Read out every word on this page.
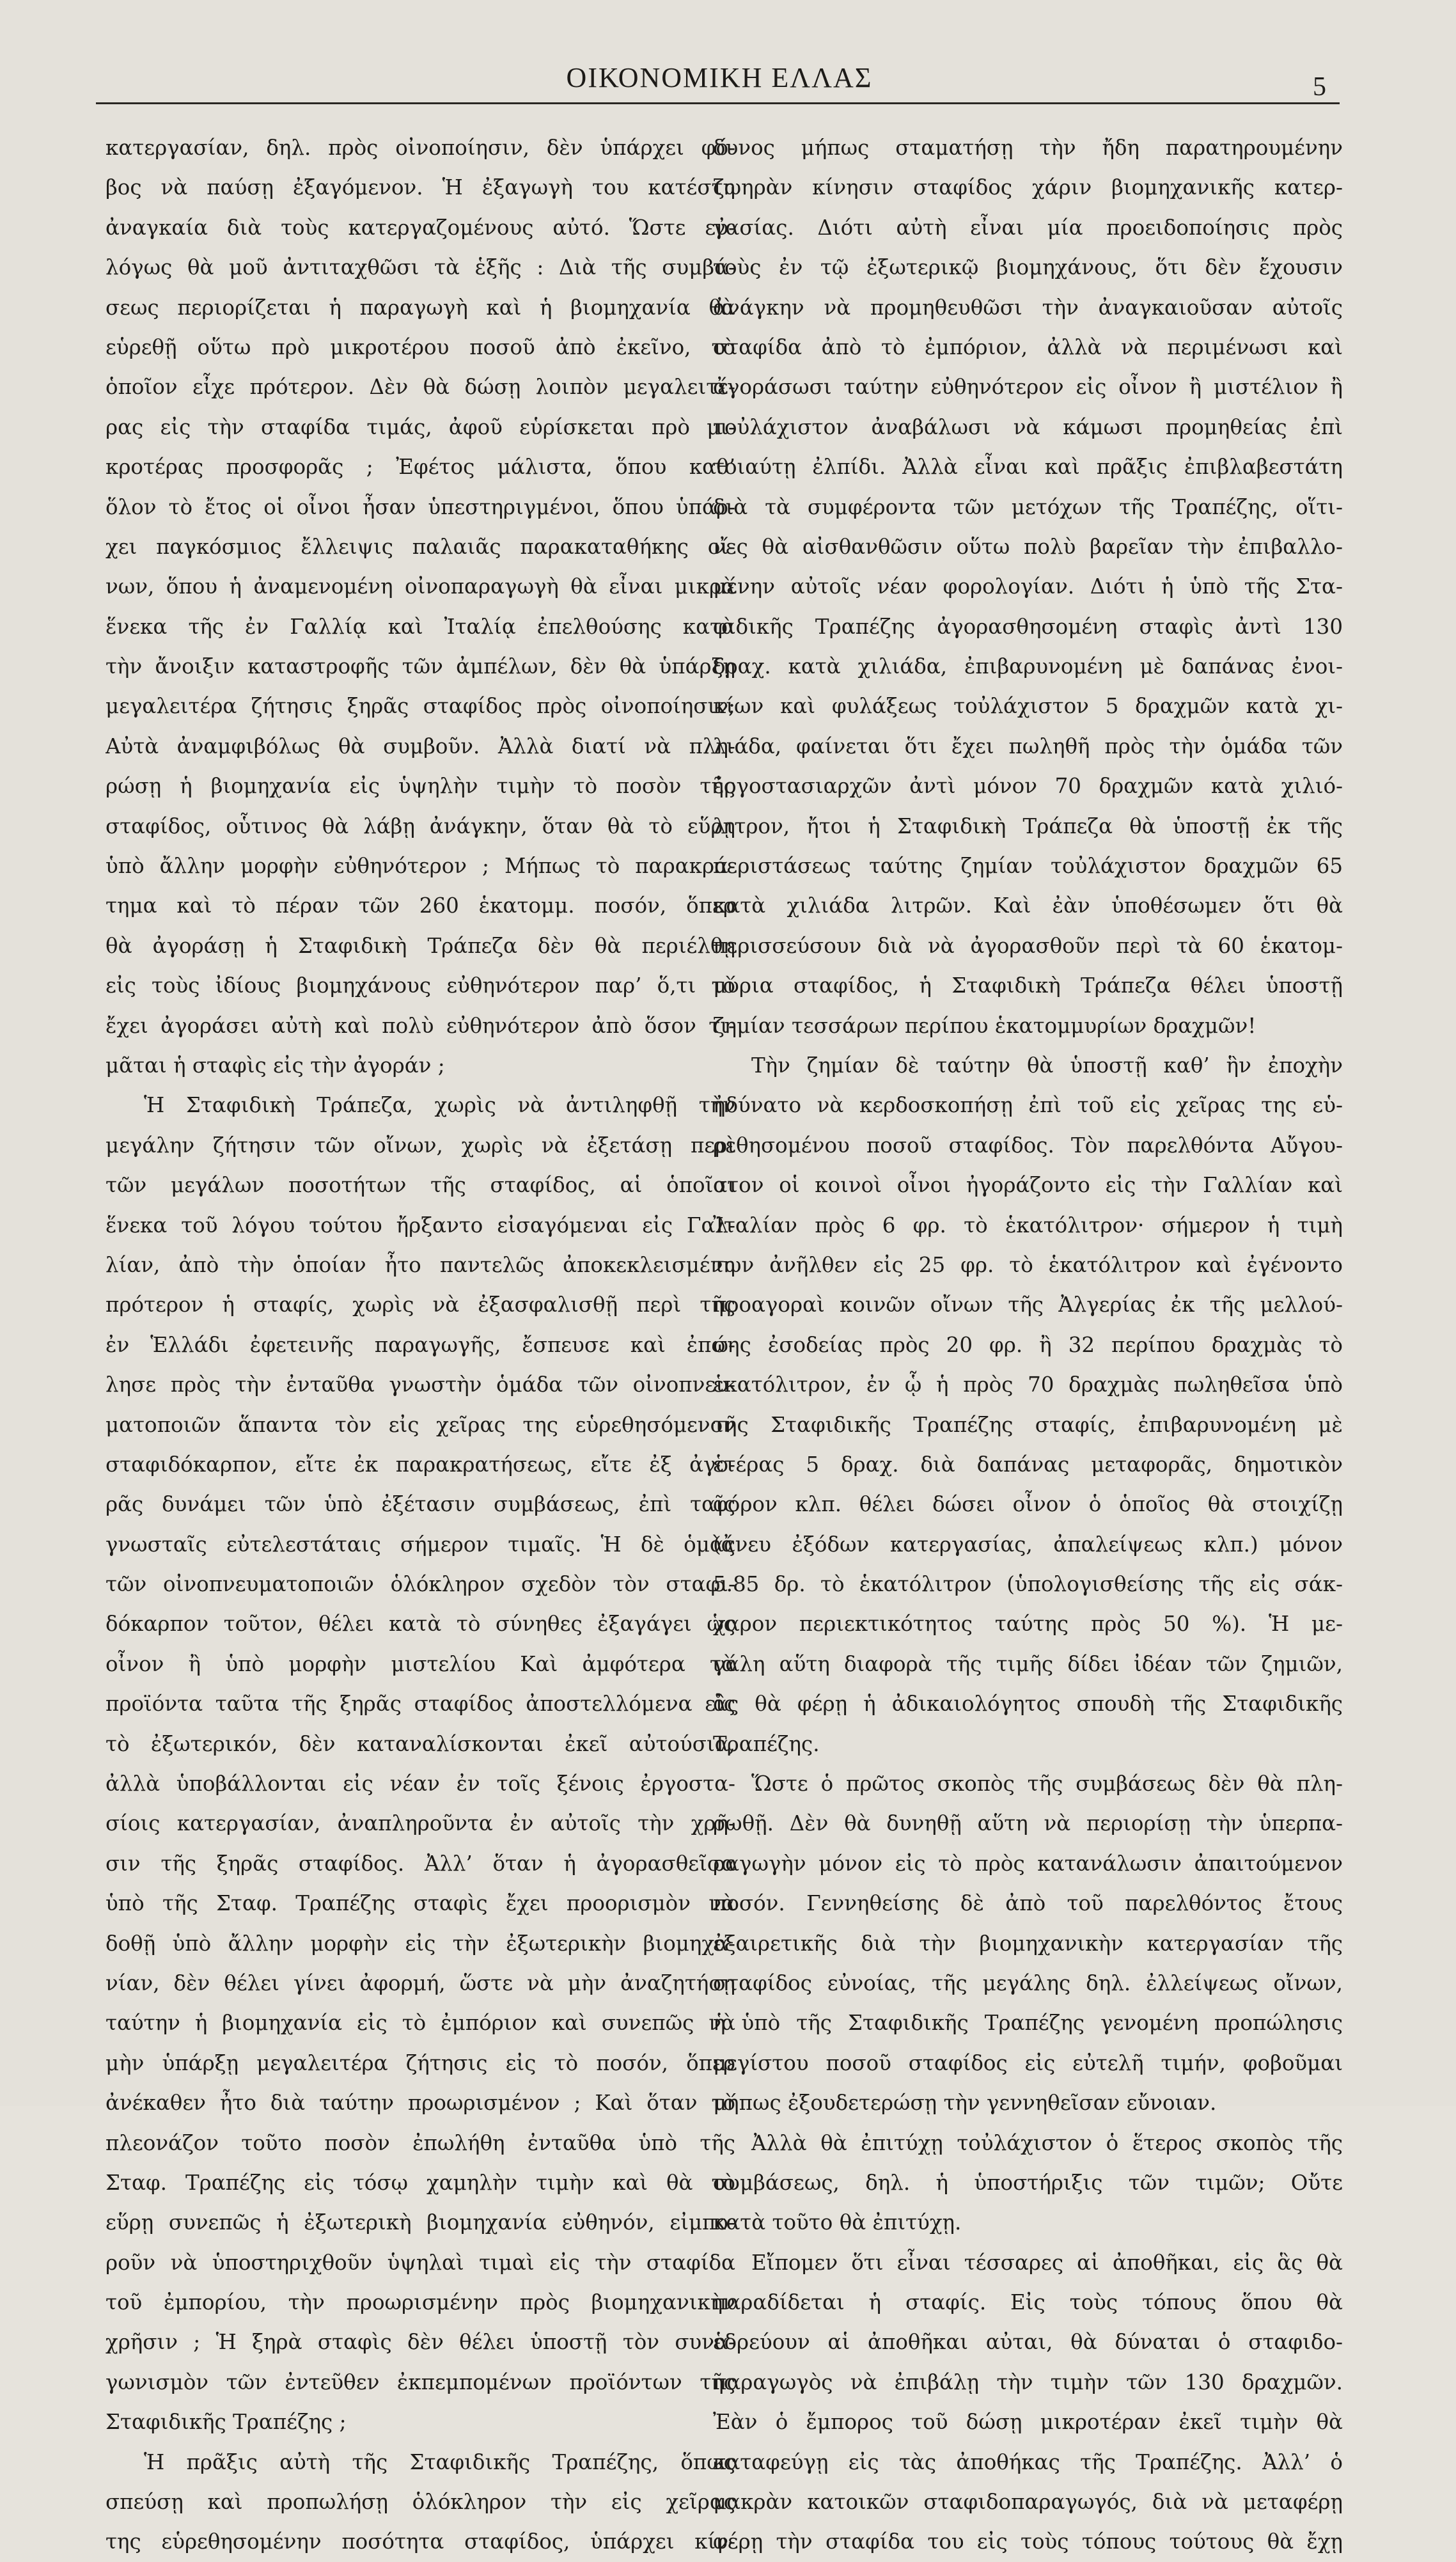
ΟΙΚΟΝΟΜΙΚΗ ΕΛΛΑΣ	5
κατεργασίαν, δηλ. πρὸς οἰνοποίησιν, δὲν ὑπάρχει φό-
βος νὰ παύσῃ ἐξαγόμενον. Ἡ ἐξαγωγὴ του κατέστη
ἀναγκαία διὰ τοὺς κατεργαζομένους αὐτό. Ὥστε εὐ-
λόγως θὰ μοῦ ἀντιταχθῶσι τὰ ἑξῆς : Διὰ τῆς συμβά-
σεως περιορίζεται ἡ παραγωγὴ καὶ ἡ βιομηχανία θὰ
εὑρεθῇ οὕτω πρὸ μικροτέρου ποσοῦ ἀπὸ ἐκεῖνο, τὸ
ὁποῖον εἶχε πρότερον. Δὲν θὰ δώσῃ λοιπὸν μεγαλειτέ-
ρας εἰς τὴν σταφίδα τιμάς, ἀφοῦ εὑρίσκεται πρὸ μι-
κροτέρας προσφορᾶς ; Ἐφέτος μάλιστα, ὅπου καθ’
ὅλον τὸ ἔτος οἱ οἶνοι ἦσαν ὑπεστηριγμένοι, ὅπου ὑπάρ-
χει παγκόσμιος ἔλλειψις παλαιᾶς παρακαταθήκης οἴ-
νων, ὅπου ἡ ἀναμενομένη οἰνοπαραγωγὴ θὰ εἶναι μικρὰ
ἕνεκα τῆς ἐν Γαλλίᾳ καὶ Ἰταλίᾳ ἐπελθούσης κατὰ
τὴν ἄνοιξιν καταστροφῆς τῶν ἀμπέλων, δὲν θὰ ὑπάρξῃ
μεγαλειτέρα ζήτησις ξηρᾶς σταφίδος πρὸς οἰνοποίησιν;
Αὐτὰ ἀναμφιβόλως θὰ συμβοῦν. Ἀλλὰ διατί νὰ πλη-
ρώσῃ ἡ βιομηχανία εἰς ὑψηλὴν τιμὴν τὸ ποσὸν τῆς
σταφίδος, οὗτινος θὰ λάβῃ ἀνάγκην, ὅταν θὰ τὸ εὕρῃ
ὑπὸ ἄλλην μορφὴν εὐθηνότερον ; Μήπως τὸ παρακρά-
τημα καὶ τὸ πέραν τῶν 260 ἑκατομμ. ποσόν, ὅπερ
θὰ ἀγοράσῃ ἡ Σταφιδικὴ Τράπεζα δὲν θὰ περιέλθῃ
εἰς τοὺς ἰδίους βιομηχάνους εὐθηνότερον παρ’ ὅ,τι τὸ
ἔχει ἀγοράσει αὐτὴ καὶ πολὺ εὐθηνότερον ἀπὸ ὅσον τι-
μᾶται ἡ σταφὶς εἰς τὴν ἀγοράν ;
Ἡ Σταφιδικὴ Τράπεζα, χωρὶς νὰ ἀντιληφθῇ τὴν
μεγάλην ζήτησιν τῶν οἴνων, χωρὶς νὰ ἐξετάσῃ περὶ
τῶν μεγάλων ποσοτήτων τῆς σταφίδος, αἱ ὁποῖαι
ἕνεκα τοῦ λόγου τούτου ἤρξαντο εἰσαγόμεναι εἰς Γαλ-
λίαν, ἀπὸ τὴν ὁποίαν ἦτο παντελῶς ἀποκεκλεισμένη
πρότερον ἡ σταφίς, χωρὶς νὰ ἐξασφαλισθῇ περὶ τῆς
ἐν Ἑλλάδι ἐφετεινῆς παραγωγῆς, ἔσπευσε καὶ ἐπώ-
λησε πρὸς τὴν ἐνταῦθα γνωστὴν ὁμάδα τῶν οἰνοπνευ-
ματοποιῶν ἅπαντα τὸν εἰς χεῖρας της εὑρεθησόμενον
σταφιδόκαρπον, εἴτε ἐκ παρακρατήσεως, εἴτε ἐξ ἀγο-
ρᾶς δυνάμει τῶν ὑπὸ ἐξέτασιν συμβάσεως, ἐπὶ ταῖς
γνωσταῖς εὐτελεστάταις σήμερον τιμαῖς. Ἡ δὲ ὁμὰς
τῶν οἰνοπνευματοποιῶν ὁλόκληρον σχεδὸν τὸν σταφι-
δόκαρπον τοῦτον, θέλει κατὰ τὸ σύνηθες ἐξαγάγει ὡς
οἶνον ἢ ὑπὸ μορφὴν μιστελίου Καὶ ἀμφότερα τὰ
προϊόντα ταῦτα τῆς ξηρᾶς σταφίδος ἀποστελλόμενα εἰς
τὸ ἐξωτερικόν, δὲν καταναλίσκονται ἐκεῖ αὐτούσια,
ἀλλὰ ὑποβάλλονται εἰς νέαν ἐν τοῖς ξένοις ἐργοστα-
σίοις κατεργασίαν, ἀναπληροῦντα ἐν αὐτοῖς τὴν χρῆ-
σιν τῆς ξηρᾶς σταφίδος. Ἀλλ’ ὅταν ἡ ἀγορασθεῖσα
ὑπὸ τῆς Σταφ. Τραπέζης σταφὶς ἔχει προορισμὸν νὰ
δοθῇ ὑπὸ ἄλλην μορφὴν εἰς τὴν ἐξωτερικὴν βιομηχα-
νίαν, δὲν θέλει γίνει ἀφορμή, ὥστε νὰ μὴν ἀναζητήσῃ
ταύτην ἡ βιομηχανία εἰς τὸ ἐμπόριον καὶ συνεπῶς νὰ
μὴν ὑπάρξῃ μεγαλειτέρα ζήτησις εἰς τὸ ποσόν, ὅπερ
ἀνέκαθεν ἦτο διὰ ταύτην προωρισμένον ; Καὶ ὅταν τὸ
πλεονάζον τοῦτο ποσὸν ἐπωλήθη ἐνταῦθα ὑπὸ τῆς
Σταφ. Τραπέζης εἰς τόσῳ χαμηλὴν τιμὴν καὶ θὰ τὸ
εὕρῃ συνεπῶς ἡ ἐξωτερικὴ βιομηχανία εὐθηνόν, εἰμπο-
ροῦν νὰ ὑποστηριχθοῦν ὑψηλαὶ τιμαὶ εἰς τὴν σταφίδα
τοῦ ἐμπορίου, τὴν προωρισμένην πρὸς βιομηχανικὴν
χρῆσιν ; Ἡ ξηρὰ σταφὶς δὲν θέλει ὑποστῇ τὸν συνα-
γωνισμὸν τῶν ἐντεῦθεν ἐκπεμπομένων προϊόντων τῆς
Σταφιδικῆς Τραπέζης ;
Ἡ πρᾶξις αὐτὴ τῆς Σταφιδικῆς Τραπέζης, ὅπως
σπεύσῃ καὶ προπωλήσῃ ὁλόκληρον τὴν εἰς χεῖρας
της εὑρεθησομένην ποσότητα σταφίδος, ὑπάρχει κίν-
δυνος μήπως σταματήσῃ τὴν ἤδη παρατηρουμένην
ζωηρὰν κίνησιν σταφίδος χάριν βιομηχανικῆς κατερ-
γασίας. Διότι αὐτὴ εἶναι μία προειδοποίησις πρὸς
τοὺς ἐν τῷ ἐξωτερικῷ βιομηχάνους, ὅτι δὲν ἔχουσιν
ἀνάγκην νὰ προμηθευθῶσι τὴν ἀναγκαιοῦσαν αὐτοῖς
σταφίδα ἀπὸ τὸ ἐμπόριον, ἀλλὰ νὰ περιμένωσι καὶ
ἀγοράσωσι ταύτην εὐθηνότερον εἰς οἶνον ἢ μιστέλιον ἢ
τοὐλάχιστον ἀναβάλωσι νὰ κάμωσι προμηθείας ἐπὶ
τοιαύτῃ ἐλπίδι. Ἀλλὰ εἶναι καὶ πρᾶξις ἐπιβλαβεστάτη
διὰ τὰ συμφέροντα τῶν μετόχων τῆς Τραπέζης, οἵτι-
νες θὰ αἰσθανθῶσιν οὕτω πολὺ βαρεῖαν τὴν ἐπιβαλλο-
μένην αὐτοῖς νέαν φορολογίαν. Διότι ἡ ὑπὸ τῆς Στα-
φιδικῆς Τραπέζης ἀγορασθησομένη σταφὶς ἀντὶ 130
δραχ. κατὰ χιλιάδα, ἐπιβαρυνομένη μὲ δαπάνας ἐνοι-
κίων καὶ φυλάξεως τοὐλάχιστον 5 δραχμῶν κατὰ χι-
λιάδα, φαίνεται ὅτι ἔχει πωληθῆ πρὸς τὴν ὁμάδα τῶν
ἐργοστασιαρχῶν ἀντὶ μόνον 70 δραχμῶν κατὰ χιλιό-
λιτρον, ἤτοι ἡ Σταφιδικὴ Τράπεζα θὰ ὑποστῇ ἐκ τῆς
περιστάσεως ταύτης ζημίαν τοὐλάχιστον δραχμῶν 65
κατὰ χιλιάδα λιτρῶν. Καὶ ἐὰν ὑποθέσωμεν ὅτι θὰ
περισσεύσουν διὰ νὰ ἀγορασθοῦν περὶ τὰ 60 ἑκατομ-
μύρια σταφίδος, ἡ Σταφιδικὴ Τράπεζα θέλει ὑποστῇ
ζημίαν τεσσάρων περίπου ἑκατομμυρίων δραχμῶν!
Τὴν ζημίαν δὲ ταύτην θὰ ὑποστῇ καθ’ ἣν ἐποχὴν
ἠδύνατο νὰ κερδοσκοπήσῃ ἐπὶ τοῦ εἰς χεῖρας της εὑ-
ρεθησομένου ποσοῦ σταφίδος. Τὸν παρελθόντα Αὔγου-
στον οἱ κοινοὶ οἶνοι ἠγοράζοντο εἰς τὴν Γαλλίαν καὶ
Ἰταλίαν πρὸς 6 φρ. τὸ ἑκατόλιτρον· σήμερον ἡ τιμὴ
των ἀνῆλθεν εἰς 25 φρ. τὸ ἑκατόλιτρον καὶ ἐγένοντο
προαγοραὶ κοινῶν οἴνων τῆς Ἀλγερίας ἐκ τῆς μελλού-
σης ἐσοδείας πρὸς 20 φρ. ἢ 32 περίπου δραχμὰς τὸ
ἑκατόλιτρον, ἐν ᾧ ἡ πρὸς 70 δραχμὰς πωληθεῖσα ὑπὸ
τῆς Σταφιδικῆς Τραπέζης σταφίς, ἐπιβαρυνομένη μὲ
ἑτέρας 5 δραχ. διὰ δαπάνας μεταφορᾶς, δημοτικὸν
φόρον κλπ. θέλει δώσει οἶνον ὁ ὁποῖος θὰ στοιχίζῃ
(ἄνευ ἐξόδων κατεργασίας, ἀπαλείψεως κλπ.) μόνον
5.85 δρ. τὸ ἑκατόλιτρον (ὑπολογισθείσης τῆς εἰς σάκ-
χαρον περιεκτικότητος ταύτης πρὸς 50 %). Ἡ με-
γάλη αὕτη διαφορὰ τῆς τιμῆς δίδει ἰδέαν τῶν ζημιῶν,
ἃς θὰ φέρῃ ἡ ἀδικαιολόγητος σπουδὴ τῆς Σταφιδικῆς
Τραπέζης.
Ὥστε ὁ πρῶτος σκοπὸς τῆς συμβάσεως δὲν θὰ πλη-
ρωθῇ. Δὲν θὰ δυνηθῇ αὕτη νὰ περιορίσῃ τὴν ὑπερπα-
ραγωγὴν μόνον εἰς τὸ πρὸς κατανάλωσιν ἀπαιτούμενον
ποσόν. Γεννηθείσης δὲ ἀπὸ τοῦ παρελθόντος ἔτους
ἐξαιρετικῆς διὰ τὴν βιομηχανικὴν κατεργασίαν τῆς
σταφίδος εὐνοίας, τῆς μεγάλης δηλ. ἐλλείψεως οἴνων,
ἡ ὑπὸ τῆς Σταφιδικῆς Τραπέζης γενομένη προπώλησις
μεγίστου ποσοῦ σταφίδος εἰς εὐτελῆ τιμήν, φοβοῦμαι
μήπως ἐξουδετερώσῃ τὴν γεννηθεῖσαν εὔνοιαν.
Ἀλλὰ θὰ ἐπιτύχῃ τοὐλάχιστον ὁ ἕτερος σκοπὸς τῆς
συμβάσεως, δηλ. ἡ ὑποστήριξις τῶν τιμῶν; Οὔτε
κατὰ τοῦτο θὰ ἐπιτύχῃ.
Εἴπομεν ὅτι εἶναι τέσσαρες αἱ ἀποθῆκαι, εἰς ἃς θὰ
παραδίδεται ἡ σταφίς. Εἰς τοὺς τόπους ὅπου θὰ
ἑδρεύουν αἱ ἀποθῆκαι αὐται, θὰ δύναται ὁ σταφιδο-
παραγωγὸς νὰ ἐπιβάλῃ τὴν τιμὴν τῶν 130 δραχμῶν.
Ἐὰν ὁ ἔμπορος τοῦ δώσῃ μικροτέραν ἐκεῖ τιμὴν θὰ
καταφεύγῃ εἰς τὰς ἀποθήκας τῆς Τραπέζης. Ἀλλ’ ὁ
μακρὰν κατοικῶν σταφιδοπαραγωγός, διὰ νὰ μεταφέρῃ
φέρῃ τὴν σταφίδα του εἰς τοὺς τόπους τούτους θὰ ἔχῃ
